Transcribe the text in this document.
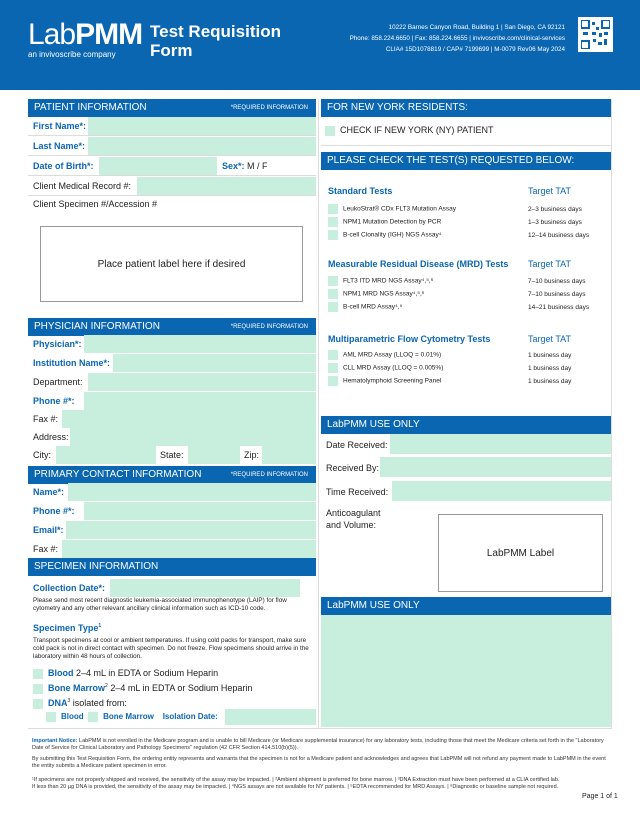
LabPMM
an invivoscribe company
Test Requisition
Form
10222 Barnes Canyon Road, Building 1 | San Diego, CA 92121
Phone: 858.224.6650 | Fax: 858.224.6655 | invivoscribe.com/clinical-services
CLIA# 15D1078819 / CAP# 7199699 | M-0079 Rev06 May 2024
PATIENT INFORMATION	*REQUIRED INFORMATION
First Name*:
Last Name*:
Date of Birth*:	Sex*: M / F
Client Medical Record #:
Client Specimen #/Accession #
Place patient label here if desired
PHYSICIAN INFORMATION	*REQUIRED INFORMATION
Physician*:
Institution Name*:
Department:
Phone #*:
Fax #:
Address:
City:	State:	Zip:
PRIMARY CONTACT INFORMATION	*REQUIRED INFORMATION
Name*:
Phone #*:
Email*:
Fax #:
SPECIMEN INFORMATION
Collection Date*:
Please send most recent diagnostic leukemia-associated immunophenotype (LAIP) for flow cytometry and any other relevant ancillary clinical information such as ICD-10 code.
Specimen Type$^1$
Transport specimens at cool or ambient temperatures. If using cold packs for transport, make sure cold pack is not in direct contact with specimen. Do not freeze. Flow specimens should arrive in the laboratory within 48 hours of collection.
Blood 2–4 mL in EDTA or Sodium Heparin
Bone Marrow$^2$ 2–4 mL in EDTA or Sodium Heparin
DNA$^3$ isolated from:
Blood Bone Marrow Isolation Date:
FOR NEW YORK RESIDENTS:
CHECK IF NEW YORK (NY) PATIENT
PLEASE CHECK THE TEST(S) REQUESTED BELOW:
Standard Tests	Target TAT
LeukoStrat® CDx FLT3 Mutation Assay	2–3 business days
NPM1 Mutation Detection by PCR	1–3 business days
B-cell Clonality (IGH) NGS Assay⁴	12–14 business days
Measurable Residual Disease (MRD) Tests Target TAT
FLT3 ITD MRD NGS Assay⁴,⁵,⁶	7–10 business days
NPM1 MRD NGS Assay⁴,⁵,⁶	7–10 business days
B-cell MRD Assay⁴,⁵	14–21 business days
Multiparametric Flow Cytometry Tests	Target TAT
AML MRD Assay (LLOQ = 0.01%)	1 business day
CLL MRD Assay (LLOQ = 0.005%)	1 business day
Hematolymphoid Screening Panel	1 business day
LabPMM USE ONLY
Date Received:
Received By:
Time Received:
Anticoagulant
and Volume:
LabPMM Label
LabPMM USE ONLY
Important Notice: LabPMM is not enrolled in the Medicare program and is unable to bill Medicare (or Medicare supplemental insurance) for any laboratory tests, including those that meet the Medicare criteria set forth in the "Laboratory Date of Service for Clinical Laboratory and Pathology Specimens" regulation (42 CFR Section 414.510(b)(5)).
By submitting this Test Requisition Form, the ordering entity represents and warrants that the specimen is not for a Medicare patient and acknowledges and agrees that LabPMM will not refund any payment made to LabPMM in the event the entity submits a Medicare patient specimen in error.
¹If specimens are not properly shipped and received, the sensitivity of the assay may be impacted. | ²Ambient shipment is preferred for bone marrow. | ³DNA Extraction must have been performed at a CLIA certified lab. If less than 20 µg DNA is provided, the sensitivity of the assay may be impacted. | ⁴NGS assays are not available for NY patients. | ⁵EDTA recommended for MRD Assays. | ⁶Diagnostic or baseline sample not required.
Page 1 of 1
